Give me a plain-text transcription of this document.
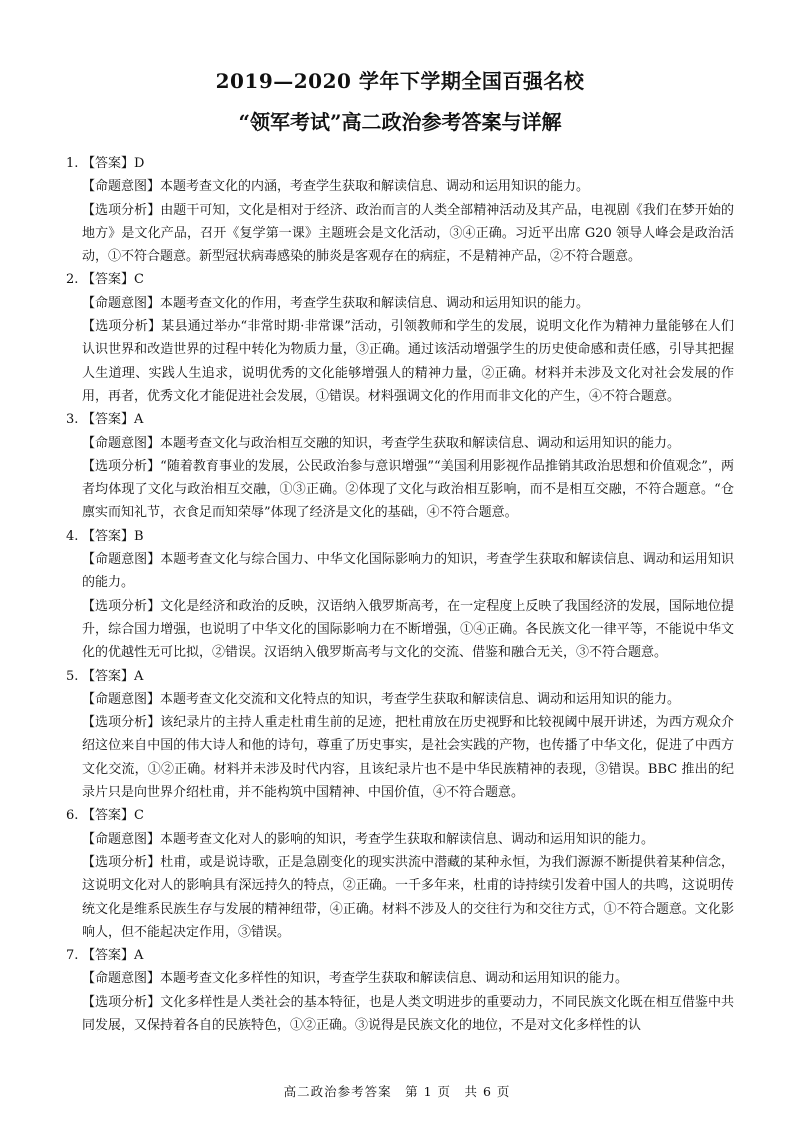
2019—2020 学年下学期全国百强名校
“领军考试”高二政治参考答案与详解
1. 【答案】D
【命题意图】本题考查文化的内涵，考查学生获取和解读信息、调动和运用知识的能力。
【选项分析】由题干可知，文化是相对于经济、政治而言的人类全部精神活动及其产品，电视剧《我们在梦开始的地方》是文化产品，召开《复学第一课》主题班会是文化活动，③④正确。习近平出席 G20 领导人峰会是政治活动，①不符合题意。新型冠状病毒感染的肺炎是客观存在的病症，不是精神产品，②不符合题意。
2. 【答案】C
【命题意图】本题考查文化的作用，考查学生获取和解读信息、调动和运用知识的能力。
【选项分析】某县通过举办“非常时期·非常课”活动，引领教师和学生的发展，说明文化作为精神力量能够在人们认识世界和改造世界的过程中转化为物质力量，③正确。通过该活动增强学生的历史使命感和责任感，引导其把握人生道理、实践人生追求，说明优秀的文化能够增强人的精神力量，②正确。材料并未涉及文化对社会发展的作用，再者，优秀文化才能促进社会发展，①错误。材料强调文化的作用而非文化的产生，④不符合题意。
3. 【答案】A
【命题意图】本题考查文化与政治相互交融的知识，考查学生获取和解读信息、调动和运用知识的能力。
【选项分析】“随着教育事业的发展，公民政治参与意识增强”“美国利用影视作品推销其政治思想和价值观念”，两者均体现了文化与政治相互交融，①③正确。②体现了文化与政治相互影响，而不是相互交融，不符合题意。“仓廪实而知礼节，衣食足而知荣辱”体现了经济是文化的基础，④不符合题意。
4. 【答案】B
【命题意图】本题考查文化与综合国力、中华文化国际影响力的知识，考查学生获取和解读信息、调动和运用知识的能力。
【选项分析】文化是经济和政治的反映，汉语纳入俄罗斯高考，在一定程度上反映了我国经济的发展，国际地位提升，综合国力增强，也说明了中华文化的国际影响力在不断增强，①④正确。各民族文化一律平等，不能说中华文化的优越性无可比拟，②错误。汉语纳入俄罗斯高考与文化的交流、借鉴和融合无关，③不符合题意。
5. 【答案】A
【命题意图】本题考查文化交流和文化特点的知识，考查学生获取和解读信息、调动和运用知识的能力。
【选项分析】该纪录片的主持人重走杜甫生前的足迹，把杜甫放在历史视野和比较视阈中展开讲述，为西方观众介绍这位来自中国的伟大诗人和他的诗句，尊重了历史事实，是社会实践的产物，也传播了中华文化，促进了中西方文化交流，①②正确。材料并未涉及时代内容，且该纪录片也不是中华民族精神的表现，③错误。BBC 推出的纪录片只是向世界介绍杜甫，并不能构筑中国精神、中国价值，④不符合题意。
6. 【答案】C
【命题意图】本题考查文化对人的影响的知识，考查学生获取和解读信息、调动和运用知识的能力。
【选项分析】杜甫，或是说诗歌，正是急剧变化的现实洪流中潜藏的某种永恒，为我们源源不断提供着某种信念，这说明文化对人的影响具有深远持久的特点，②正确。一千多年来，杜甫的诗持续引发着中国人的共鸣，这说明传统文化是维系民族生存与发展的精神纽带，④正确。材料不涉及人的交往行为和交往方式，①不符合题意。文化影响人，但不能起决定作用，③错误。
7. 【答案】A
【命题意图】本题考查文化多样性的知识，考查学生获取和解读信息、调动和运用知识的能力。
【选项分析】文化多样性是人类社会的基本特征，也是人类文明进步的重要动力，不同民族文化既在相互借鉴中共同发展，又保持着各自的民族特色，①②正确。③说得是民族文化的地位，不是对文化多样性的认
高二政治参考答案　第 1 页　共 6 页
